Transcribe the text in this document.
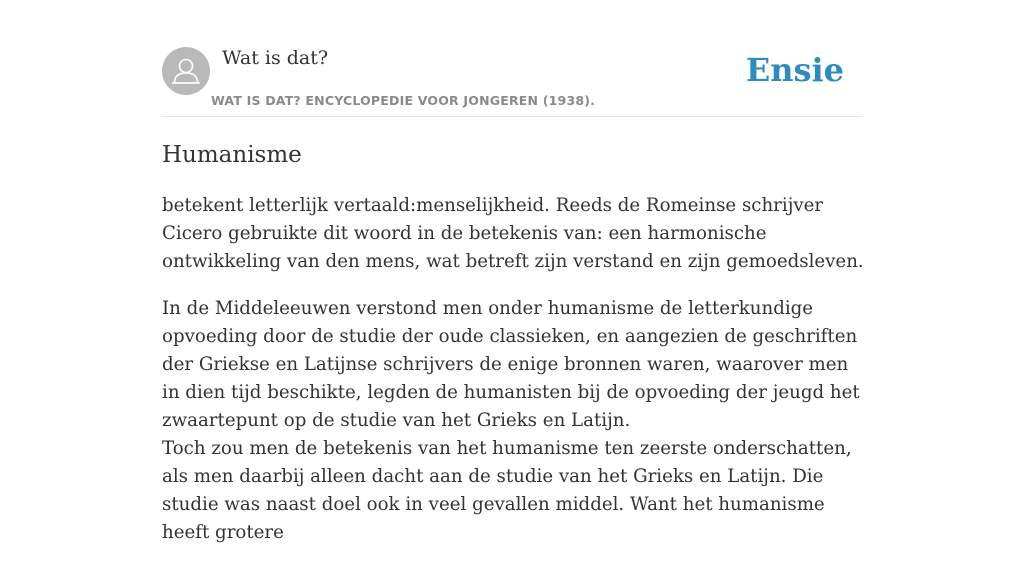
Wat is dat?
WAT IS DAT? ENCYCLOPEDIE VOOR JONGEREN (1938).
Ensie
Humanisme

betekent letterlijk vertaald:menselijkheid. Reeds de Romeinse schrijver Cicero gebruikte dit woord in de betekenis van: een harmonische ontwikkeling van den mens, wat betreft zijn verstand en zijn gemoedsleven.

In de Middeleeuwen verstond men onder humanisme de letterkundige opvoeding door de studie der oude classieken, en aangezien de geschriften der Griekse en Latijnse schrijvers de enige bronnen waren, waarover men in dien tijd beschikte, legden de humanisten bij de opvoeding der jeugd het zwaartepunt op de studie van het Grieks en Latijn.

Toch zou men de betekenis van het humanisme ten zeerste onderschatten, als men daarbij alleen dacht aan de studie van het Grieks en Latijn. Die studie was naast doel ook in veel gevallen middel. Want het humanisme heeft grotere
